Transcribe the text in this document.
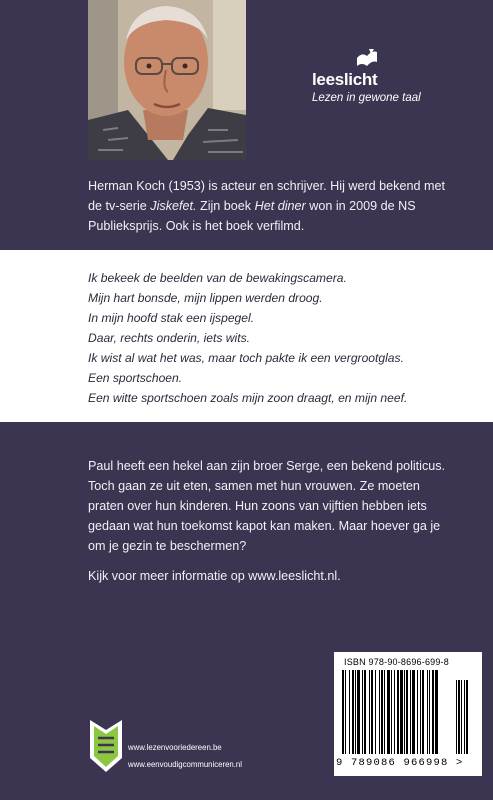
leeslicht
Lezen in gewone taal
Herman Koch (1953) is acteur en schrijver. Hij werd bekend met de tv-serie Jiskefet. Zijn boek Het diner won in 2009 de NS Publieksprijs. Ook is het boek verfilmd.
Ik bekeek de beelden van de bewakingscamera.
Mijn hart bonsde, mijn lippen werden droog.
In mijn hoofd stak een ijspegel.
Daar, rechts onderin, iets wits.
Ik wist al wat het was, maar toch pakte ik een vergrootglas.
Een sportschoen.
Een witte sportschoen zoals mijn zoon draagt, en mijn neef.

Paul heeft een hekel aan zijn broer Serge, een bekend politicus. Toch gaan ze uit eten, samen met hun vrouwen. Ze moeten praten over hun kinderen. Hun zoons van vijftien hebben iets gedaan wat hun toekomst kapot kan maken. Maar hoever ga je om je gezin te beschermen?

Kijk voor meer informatie op www.leeslicht.nl.
ISBN 978-90-8696-699-8
9 789086 966998 >
www.lezenvooriedereen.be
www.eenvoudigcommuniceren.nl
